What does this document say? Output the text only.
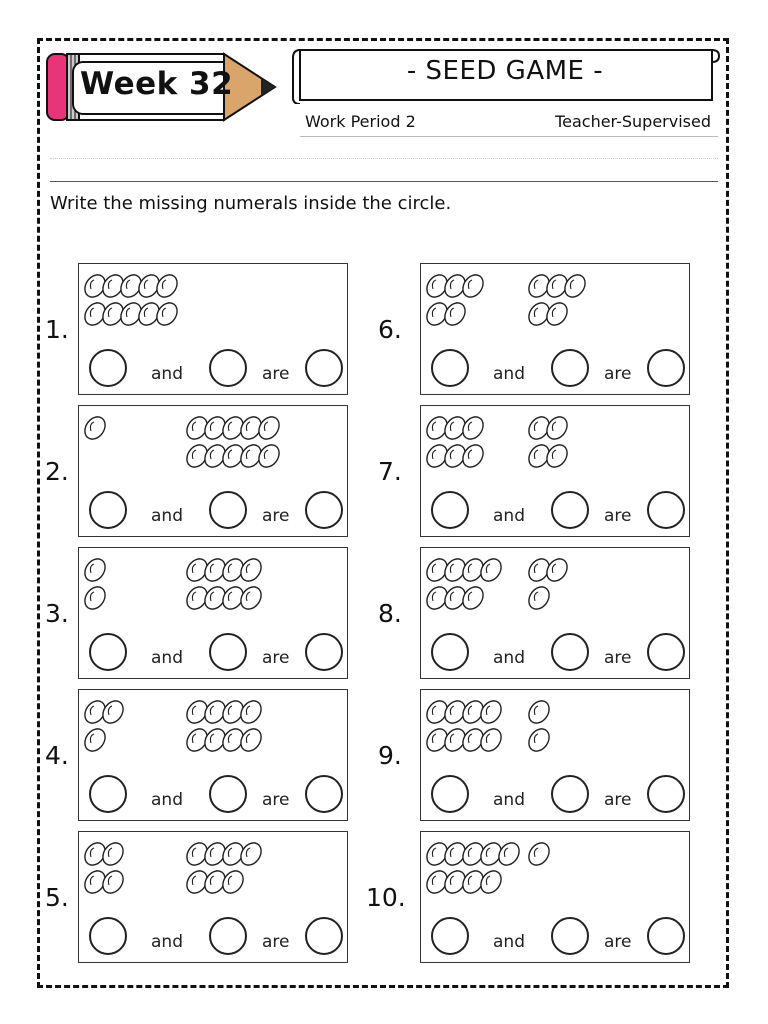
Week 32	- SEED GAME -
Work Period 2	Teacher-Supervised
Write the missing numerals inside the circle.
1.
and	are
2.
and	are
3.
and	are
4.
and	are
5.
and	are
6.
and	are
7.
and	are
8.
and	are
9.
and	are
10.
and	are
